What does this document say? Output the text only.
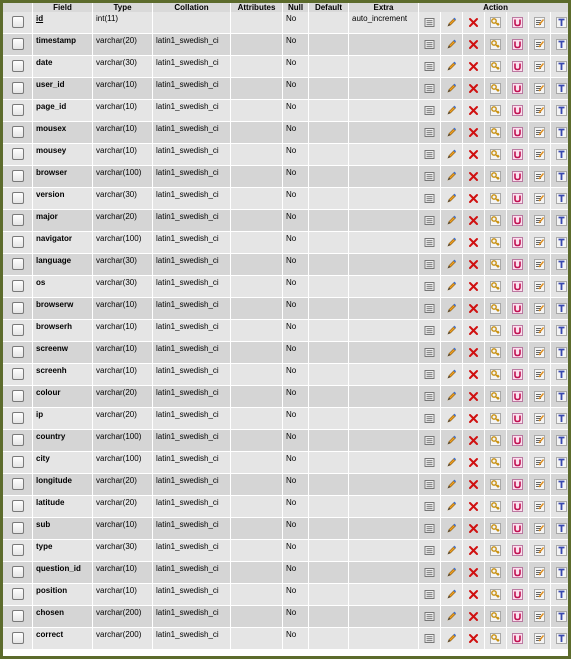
	Field	Type	Collation	Attributes	Null	Default	Extra	Action						
	id	int(11)			No		auto_increment	

	timestamp	varchar(20)	latin1_swedish_ci		No			

	date	varchar(30)	latin1_swedish_ci		No			

	user_id	varchar(10)	latin1_swedish_ci		No			

	page_id	varchar(10)	latin1_swedish_ci		No			

	mousex	varchar(10)	latin1_swedish_ci		No			

	mousey	varchar(10)	latin1_swedish_ci		No			

	browser	varchar(100)	latin1_swedish_ci		No			

	version	varchar(30)	latin1_swedish_ci		No			

	major	varchar(20)	latin1_swedish_ci		No			

	navigator	varchar(100)	latin1_swedish_ci		No			

	language	varchar(30)	latin1_swedish_ci		No			

	os	varchar(30)	latin1_swedish_ci		No			

	browserw	varchar(10)	latin1_swedish_ci		No			

	browserh	varchar(10)	latin1_swedish_ci		No			

	screenw	varchar(10)	latin1_swedish_ci		No			

	screenh	varchar(10)	latin1_swedish_ci		No			

	colour	varchar(20)	latin1_swedish_ci		No			

	ip	varchar(20)	latin1_swedish_ci		No			

	country	varchar(100)	latin1_swedish_ci		No			

	city	varchar(100)	latin1_swedish_ci		No			

	longitude	varchar(20)	latin1_swedish_ci		No			

	latitude	varchar(20)	latin1_swedish_ci		No			

	sub	varchar(10)	latin1_swedish_ci		No			

	type	varchar(30)	latin1_swedish_ci		No			

	question_id	varchar(10)	latin1_swedish_ci		No			

	position	varchar(10)	latin1_swedish_ci		No			

	chosen	varchar(200)	latin1_swedish_ci		No			

	correct	varchar(200)	latin1_swedish_ci		No			
